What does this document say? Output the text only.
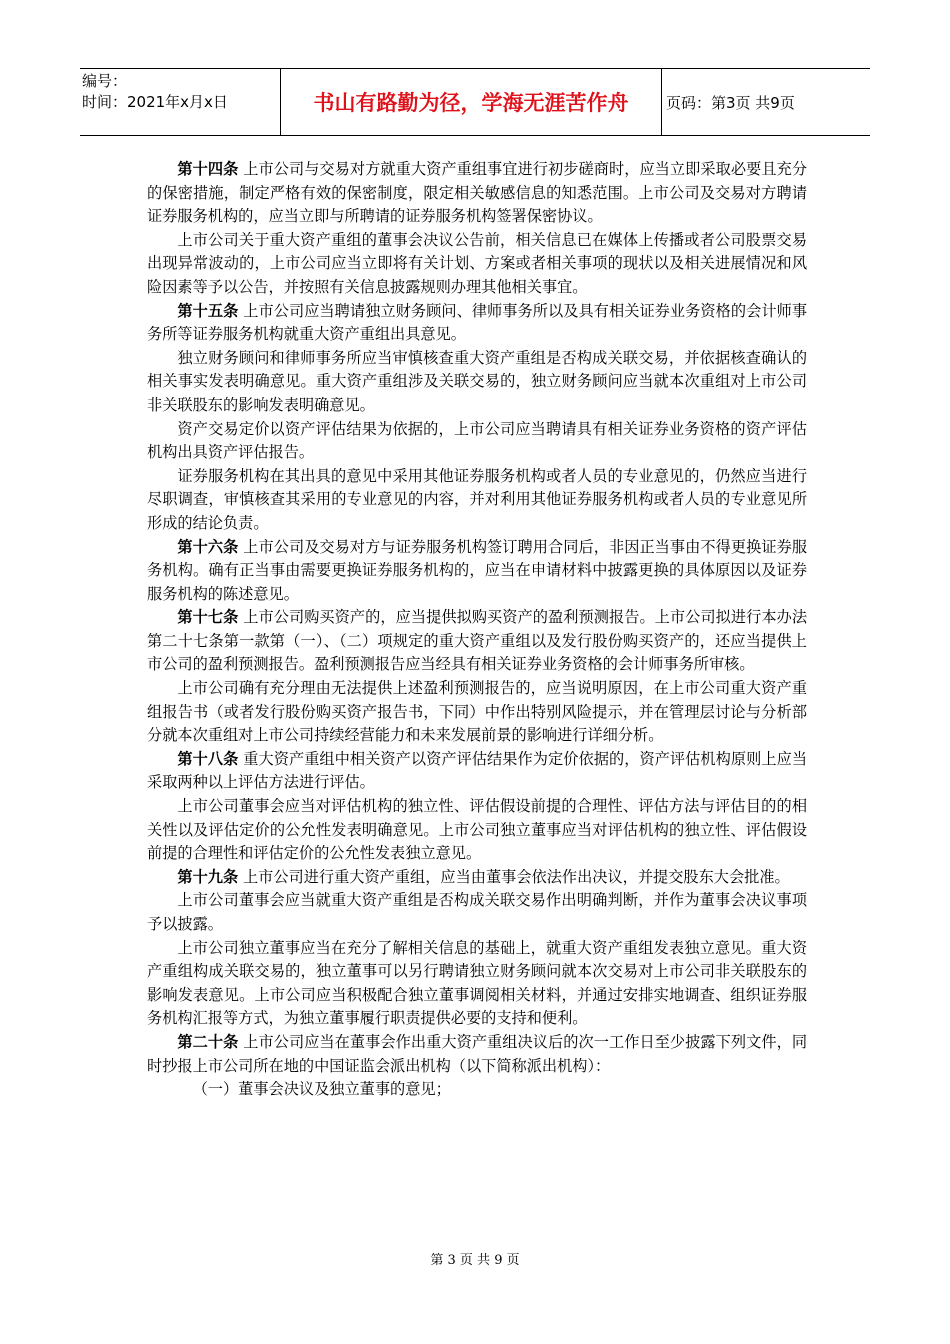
编号：
时间：2021年x月x日	书山有路勤为径，学海无涯苦作舟	页码：第3页 共9页

第十四条 上市公司与交易对方就重大资产重组事宜进行初步磋商时，应当立即采取必要且充分的保密措施，制定严格有效的保密制度，限定相关敏感信息的知悉范围。上市公司及交易对方聘请证券服务机构的，应当立即与所聘请的证券服务机构签署保密协议。

上市公司关于重大资产重组的董事会决议公告前，相关信息已在媒体上传播或者公司股票交易出现异常波动的，上市公司应当立即将有关计划、方案或者相关事项的现状以及相关进展情况和风险因素等予以公告，并按照有关信息披露规则办理其他相关事宜。

第十五条 上市公司应当聘请独立财务顾问、律师事务所以及具有相关证券业务资格的会计师事务所等证券服务机构就重大资产重组出具意见。

独立财务顾问和律师事务所应当审慎核查重大资产重组是否构成关联交易，并依据核查确认的相关事实发表明确意见。重大资产重组涉及关联交易的，独立财务顾问应当就本次重组对上市公司非关联股东的影响发表明确意见。

资产交易定价以资产评估结果为依据的，上市公司应当聘请具有相关证券业务资格的资产评估机构出具资产评估报告。

证券服务机构在其出具的意见中采用其他证券服务机构或者人员的专业意见的，仍然应当进行尽职调查，审慎核查其采用的专业意见的内容，并对利用其他证券服务机构或者人员的专业意见所形成的结论负责。

第十六条 上市公司及交易对方与证券服务机构签订聘用合同后，非因正当事由不得更换证券服务机构。确有正当事由需要更换证券服务机构的，应当在申请材料中披露更换的具体原因以及证券服务机构的陈述意见。

第十七条 上市公司购买资产的，应当提供拟购买资产的盈利预测报告。上市公司拟进行本办法第二十七条第一款第（一）、（二）项规定的重大资产重组以及发行股份购买资产的，还应当提供上市公司的盈利预测报告。盈利预测报告应当经具有相关证券业务资格的会计师事务所审核。

上市公司确有充分理由无法提供上述盈利预测报告的，应当说明原因，在上市公司重大资产重组报告书（或者发行股份购买资产报告书，下同）中作出特别风险提示，并在管理层讨论与分析部分就本次重组对上市公司持续经营能力和未来发展前景的影响进行详细分析。

第十八条 重大资产重组中相关资产以资产评估结果作为定价依据的，资产评估机构原则上应当采取两种以上评估方法进行评估。

上市公司董事会应当对评估机构的独立性、评估假设前提的合理性、评估方法与评估目的的相关性以及评估定价的公允性发表明确意见。上市公司独立董事应当对评估机构的独立性、评估假设前提的合理性和评估定价的公允性发表独立意见。

第十九条 上市公司进行重大资产重组，应当由董事会依法作出决议，并提交股东大会批准。

上市公司董事会应当就重大资产重组是否构成关联交易作出明确判断，并作为董事会决议事项予以披露。

上市公司独立董事应当在充分了解相关信息的基础上，就重大资产重组发表独立意见。重大资产重组构成关联交易的，独立董事可以另行聘请独立财务顾问就本次交易对上市公司非关联股东的影响发表意见。上市公司应当积极配合独立董事调阅相关材料，并通过安排实地调查、组织证券服务机构汇报等方式，为独立董事履行职责提供必要的支持和便利。

第二十条 上市公司应当在董事会作出重大资产重组决议后的次一工作日至少披露下列文件，同时抄报上市公司所在地的中国证监会派出机构（以下简称派出机构）：

（一）董事会决议及独立董事的意见；

第 3 页 共 9 页
